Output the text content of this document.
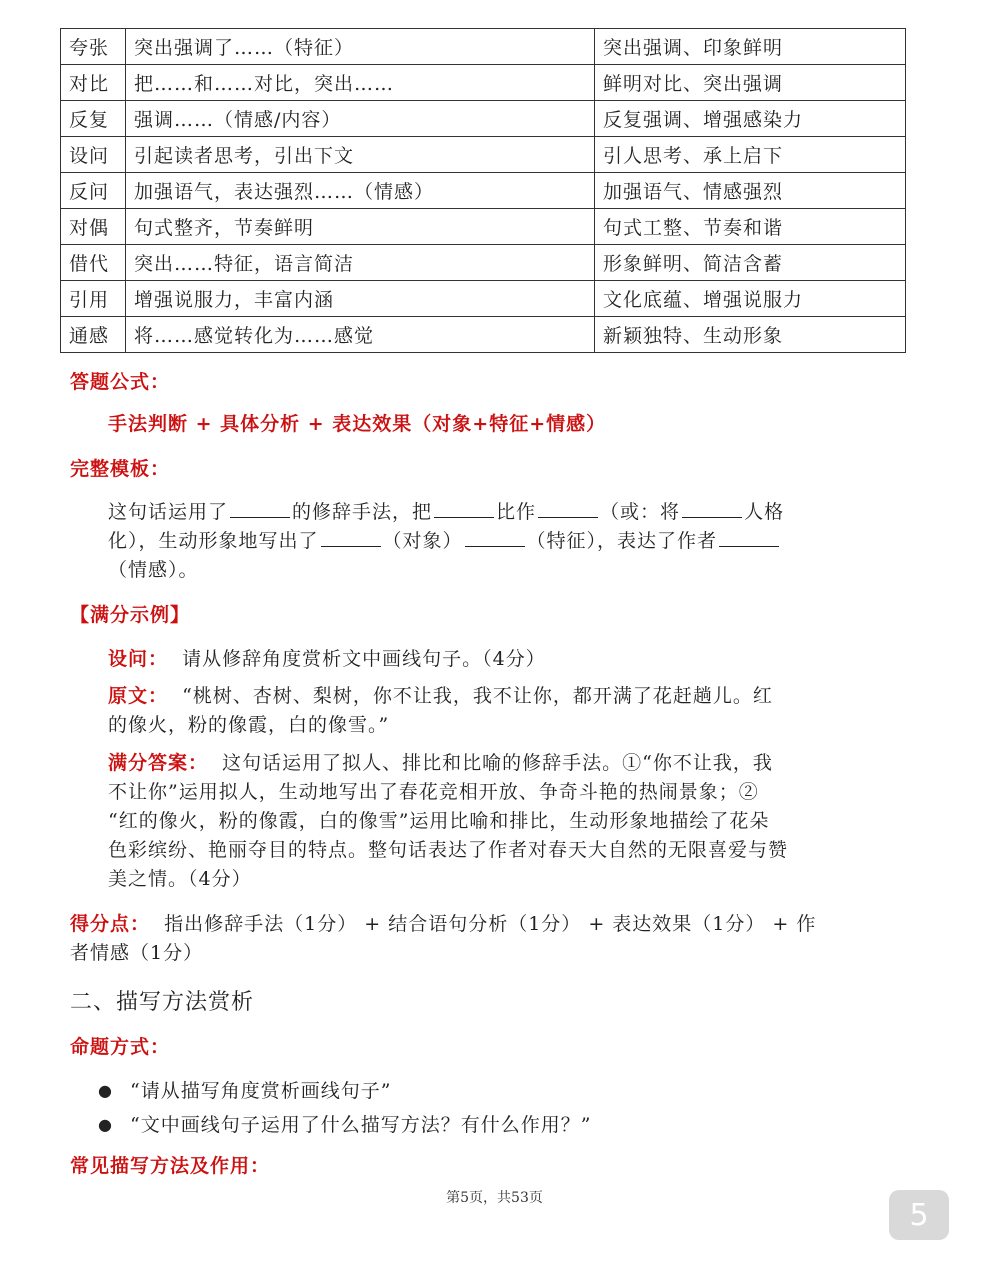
夸张	突出强调了……（特征）	突出强调、印象鲜明
对比	把……和……对比，突出……	鲜明对比、突出强调
反复	强调……（情感/内容）	反复强调、增强感染力
设问	引起读者思考，引出下文	引人思考、承上启下
反问	加强语气，表达强烈……（情感）	加强语气、情感强烈
对偶	句式整齐，节奏鲜明	句式工整、节奏和谐
借代	突出……特征，语言简洁	形象鲜明、简洁含蓄
引用	增强说服力，丰富内涵	文化底蕴、增强说服力
通感	将……感觉转化为……感觉	新颖独特、生动形象
答题公式：
手法判断 + 具体分析 + 表达效果（对象+特征+情感）
完整模板：
这句话运用了	的修辞手法，把	比作	（或：将	人格
化），生动形象地写出了	（对象）	（特征），表达了作者
（情感）。
【满分示例】
设问： 请从修辞角度赏析文中画线句子。（4分）
原文： “桃树、杏树、梨树，你不让我，我不让你，都开满了花赶趟儿。红
的像火，粉的像霞，白的像雪。”
满分答案： 这句话运用了拟人、排比和比喻的修辞手法。①“你不让我，我
不让你”运用拟人，生动地写出了春花竞相开放、争奇斗艳的热闹景象；②
“红的像火，粉的像霞，白的像雪”运用比喻和排比，生动形象地描绘了花朵
色彩缤纷、艳丽夺目的特点。整句话表达了作者对春天大自然的无限喜爱与赞
美之情。（4分）
得分点： 指出修辞手法（1分） + 结合语句分析（1分） + 表达效果（1分） + 作
者情感（1分）
二、描写方法赏析
命题方式：
● “请从描写角度赏析画线句子”
● “文中画线句子运用了什么描写方法？有什么作用？”
常见描写方法及作用：
第5页，共53页	5
